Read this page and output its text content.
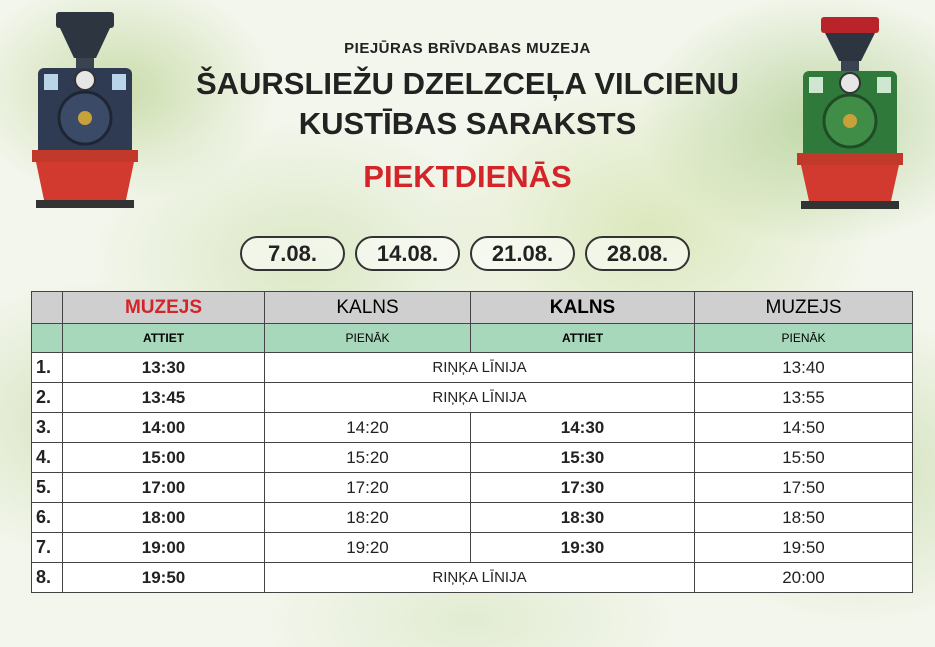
PIEJŪRAS BRĪVDABAS MUZEJA
ŠAURSLIEŽU DZELZCEĻA VILCIENU
KUSTĪBAS SARAKSTS
PIEKTDIENĀS
7.08.	14.08.	21.08.	28.08.
	MUZEJS	KALNS	KALNS	MUZEJS
	ATTIET	PIENĀK	ATTIET	PIENĀK
1.	13:30	RIŅĶA LĪNIJA		13:40
2.	13:45	RIŅĶA LĪNIJA		13:55
3.	14:00	14:20	14:30	14:50
4.	15:00	15:20	15:30	15:50
5.	17:00	17:20	17:30	17:50
6.	18:00	18:20	18:30	18:50
7.	19:00	19:20	19:30	19:50
8.	19:50	RIŅĶA LĪNIJA		20:00
